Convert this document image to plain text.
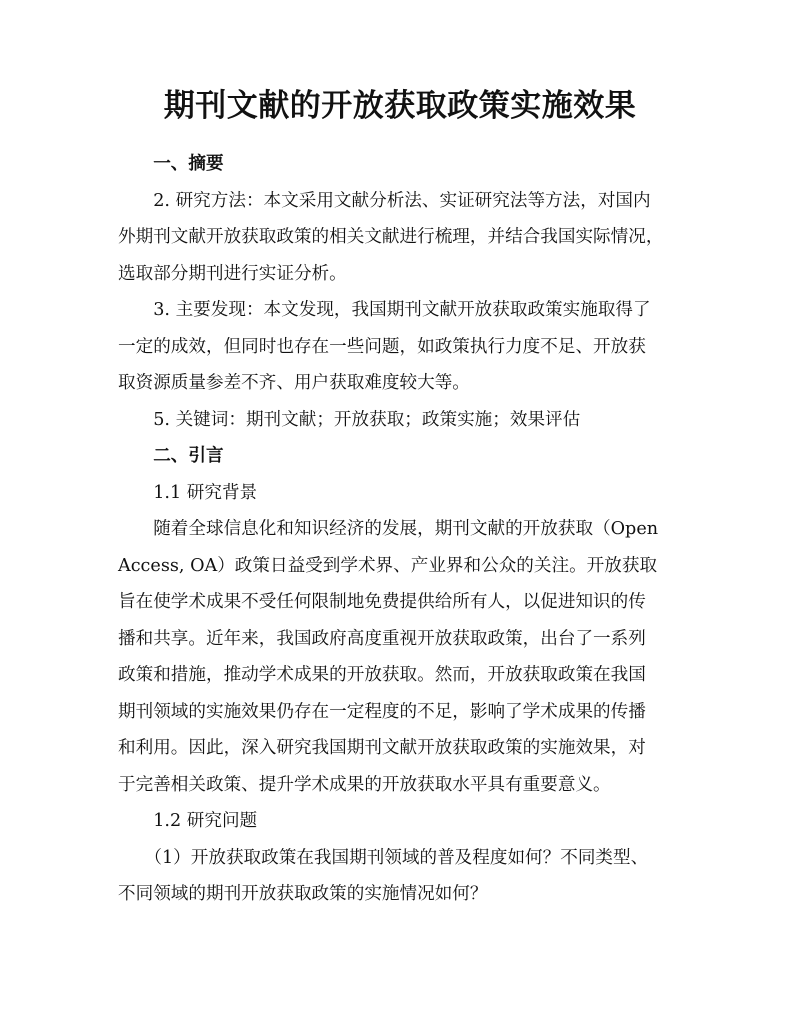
期刊文献的开放获取政策实施效果

一、摘要

2. 研究方法：本文采用文献分析法、实证研究法等方法，对国内
外期刊文献开放获取政策的相关文献进行梳理，并结合我国实际情况，
选取部分期刊进行实证分析。

3. 主要发现：本文发现，我国期刊文献开放获取政策实施取得了
一定的成效，但同时也存在一些问题，如政策执行力度不足、开放获
取资源质量参差不齐、用户获取难度较大等。

5. 关键词：期刊文献；开放获取；政策实施；效果评估

二、引言

1.1 研究背景

随着全球信息化和知识经济的发展，期刊文献的开放获取（Open
Access, OA）政策日益受到学术界、产业界和公众的关注。开放获取
旨在使学术成果不受任何限制地免费提供给所有人，以促进知识的传
播和共享。近年来，我国政府高度重视开放获取政策，出台了一系列
政策和措施，推动学术成果的开放获取。然而，开放获取政策在我国
期刊领域的实施效果仍存在一定程度的不足，影响了学术成果的传播
和利用。因此，深入研究我国期刊文献开放获取政策的实施效果，对
于完善相关政策、提升学术成果的开放获取水平具有重要意义。

1.2 研究问题

（1）开放获取政策在我国期刊领域的普及程度如何？不同类型、
不同领域的期刊开放获取政策的实施情况如何？
